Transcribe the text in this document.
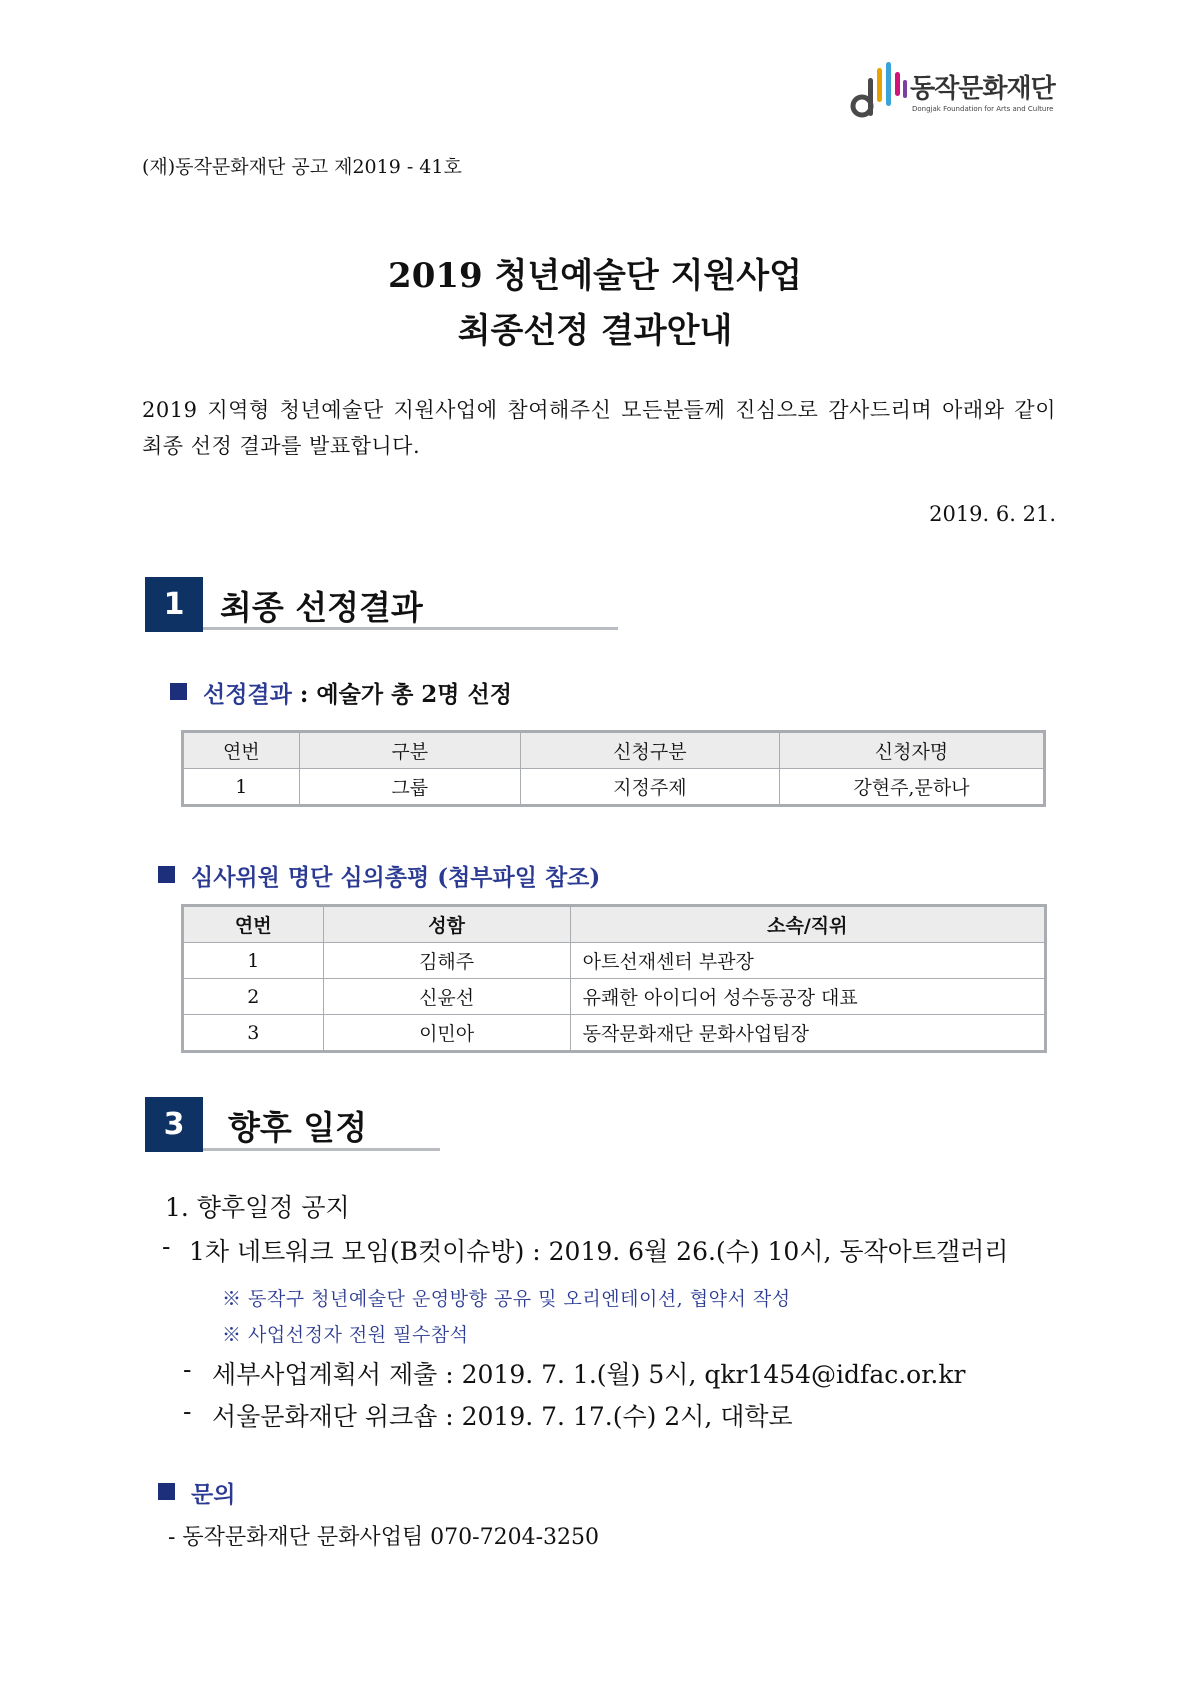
동작문화재단
Dongjak Foundation for Arts and Culture
(재)동작문화재단 공고 제2019 - 41호
2019 청년예술단 지원사업
최종선정 결과안내
2019 지역형 청년예술단 지원사업에 참여해주신 모든분들께 진심으로 감사드리며 아래와 같이 최종 선정 결과를 발표합니다.
2019. 6. 21.
1	최종 선정결과
선정결과 : 예술가 총 2명 선정
연번	구분	신청구분	신청자명
1	그룹	지정주제	강현주,문하나
심사위원 명단 심의총평 (첨부파일 참조)
연번	성함	소속/직위
1	김해주	아트선재센터 부관장
2	신윤선	유쾌한 아이디어 성수동공장 대표
3	이민아	동작문화재단 문화사업팀장
3	향후 일정
1. 향후일정 공지
- 1차 네트워크 모임(B컷이슈방) : 2019. 6월 26.(수) 10시, 동작아트갤러리
※ 동작구 청년예술단 운영방향 공유 및 오리엔테이션, 협약서 작성
※ 사업선정자 전원 필수참석
- 세부사업계획서 제출 : 2019. 7. 1.(월) 5시, qkr1454@idfac.or.kr
- 서울문화재단 위크숍 : 2019. 7. 17.(수) 2시, 대학로
문의
- 동작문화재단 문화사업팀 070-7204-3250
